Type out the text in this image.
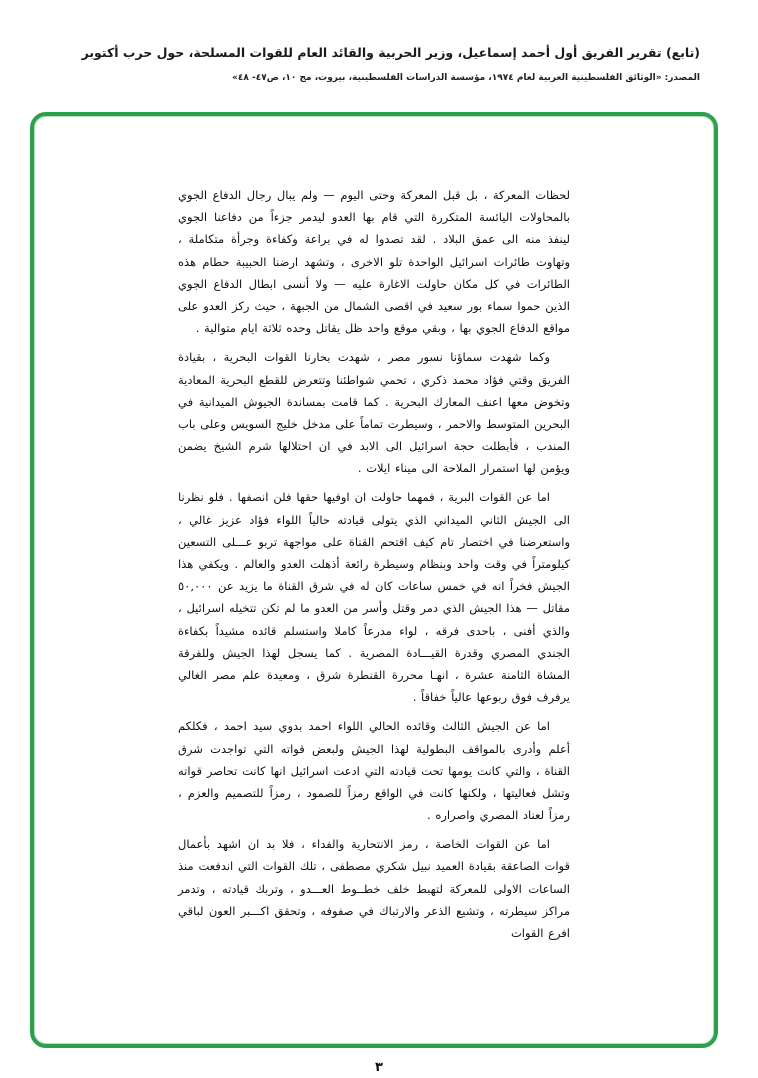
(تابع) تقرير الفريق أول أحمد إسماعيل، وزير الحربية والقائد العام للقوات المسلحة، حول حرب أكتوبر
المصدر: «الوثائق الفلسطينية العربية لعام ١٩٧٤، مؤسسة الدراسات الفلسطينية، بيروت، مج ١٠، ص٤٧- ٤٨»

لحظات المعركة ، بل قبل المعركة وحتى اليوم — ولم يبال رجال الدفاع الجوي بالمحاولات اليائسة المتكررة التي قام بها العدو ليدمر جزءاً من دفاعنا الجوي لينفذ منه الى عمق البلاد . لقد تصدوا له في براعة وكفاءة وجرأة متكاملة ، وتهاوت طائرات اسرائيل الواحدة تلو الاخرى ، وتشهد ارضنا الحبيبة حطام هذه الطائرات في كل مكان حاولت الاغارة عليه — ولا أنسى ابطال الدفاع الجوي الذين حموا سماء بور سعيد في اقصى الشمال من الجبهة ، حيث ركز العدو على مواقع الدفاع الجوي بها ، وبقي موقع واحد ظل يقاتل وحده ثلاثة ايام متوالية .

وكما شهدت سماؤنا نسور مصر ، شهدت بحارنا القوات البحرية ، بقيادة الفريق وقتي فؤاد محمد ذكري ، تحمي شواطئنا وتتعرض للقطع البحرية المعادية وتخوض معها اعنف المعارك البحرية . كما قامت بمساندة الجيوش الميدانية في البحرين المتوسط والاحمر ، وسيطرت تماماً على مدخل خليج السويس وعلى باب المندب ، فأبطلت حجة اسرائيل الى الابد في ان احتلالها شرم الشيخ يضمن ويؤمن لها استمرار الملاحة الى ميناء ايلات .

اما عن القوات البرية ، فمهما حاولت ان اوفيها حقها فلن انصفها . فلو نظرنا الى الجيش الثاني الميداني الذي يتولى قيادته حالياً اللواء فؤاد عزيز غالي ، واستعرضنا في اختصار تام كيف اقتحم القناة على مواجهة تربو عـــلى التسعين كيلومتراً في وقت واحد وبنظام وسيطرة رائعة أذهلت العدو والعالم . ويكفي هذا الجيش فخراً انه في خمس ساعات كان له في شرق القناة ما يزيد عن ٥٠,٠٠٠ مقاتل — هذا الجيش الذي دمر وقتل وأسر من العدو ما لم تكن تتخيله اسرائيل ، والذي أفنى ، باحدى فرقه ، لواء مدرعاً كاملا واستسلم قائده مشيداً بكفاءة الجندي المصري وقدرة القيـــادة المصرية . كما يسجل لهذا الجيش وللفرقة المشاة الثامنة عشرة ، انهـا محررة القنطرة شرق ، ومعيدة علم مصر الغالي يرفرف فوق ربوعها عالياً خفاقاً .

اما عن الجيش الثالث وقائده الحالي اللواء احمد بدوي سيد احمد ، فكلكم أعلم وأدرى بالمواقف البطولية لهذا الجيش ولبعض قواته التي تواجدت شرق القناة ، والتي كانت يومها تحت قيادته التي ادعت اسرائيل انها كانت تحاصر قواته وتشل فعاليتها ، ولكنها كانت في الواقع رمزاً للصمود ، رمزاً للتصميم والعزم ، رمزاً لعناد المصري واصراره .

اما عن القوات الخاصة ، رمز الانتحارية والفداء ، فلا بد ان اشهد بأعمال قوات الصاعقة بقيادة العميد نبيل شكري مصطفى ، تلك القوات التي اندفعت منذ الساعات الاولى للمعركة لتهبط خلف خطــوط العـــدو ، وتربك قيادته ، وتدمر مراكز سيطرته ، وتشيع الذعر والارتباك في صفوفه ، وتحقق اكـــبر العون لباقي افرع القوات

٣
